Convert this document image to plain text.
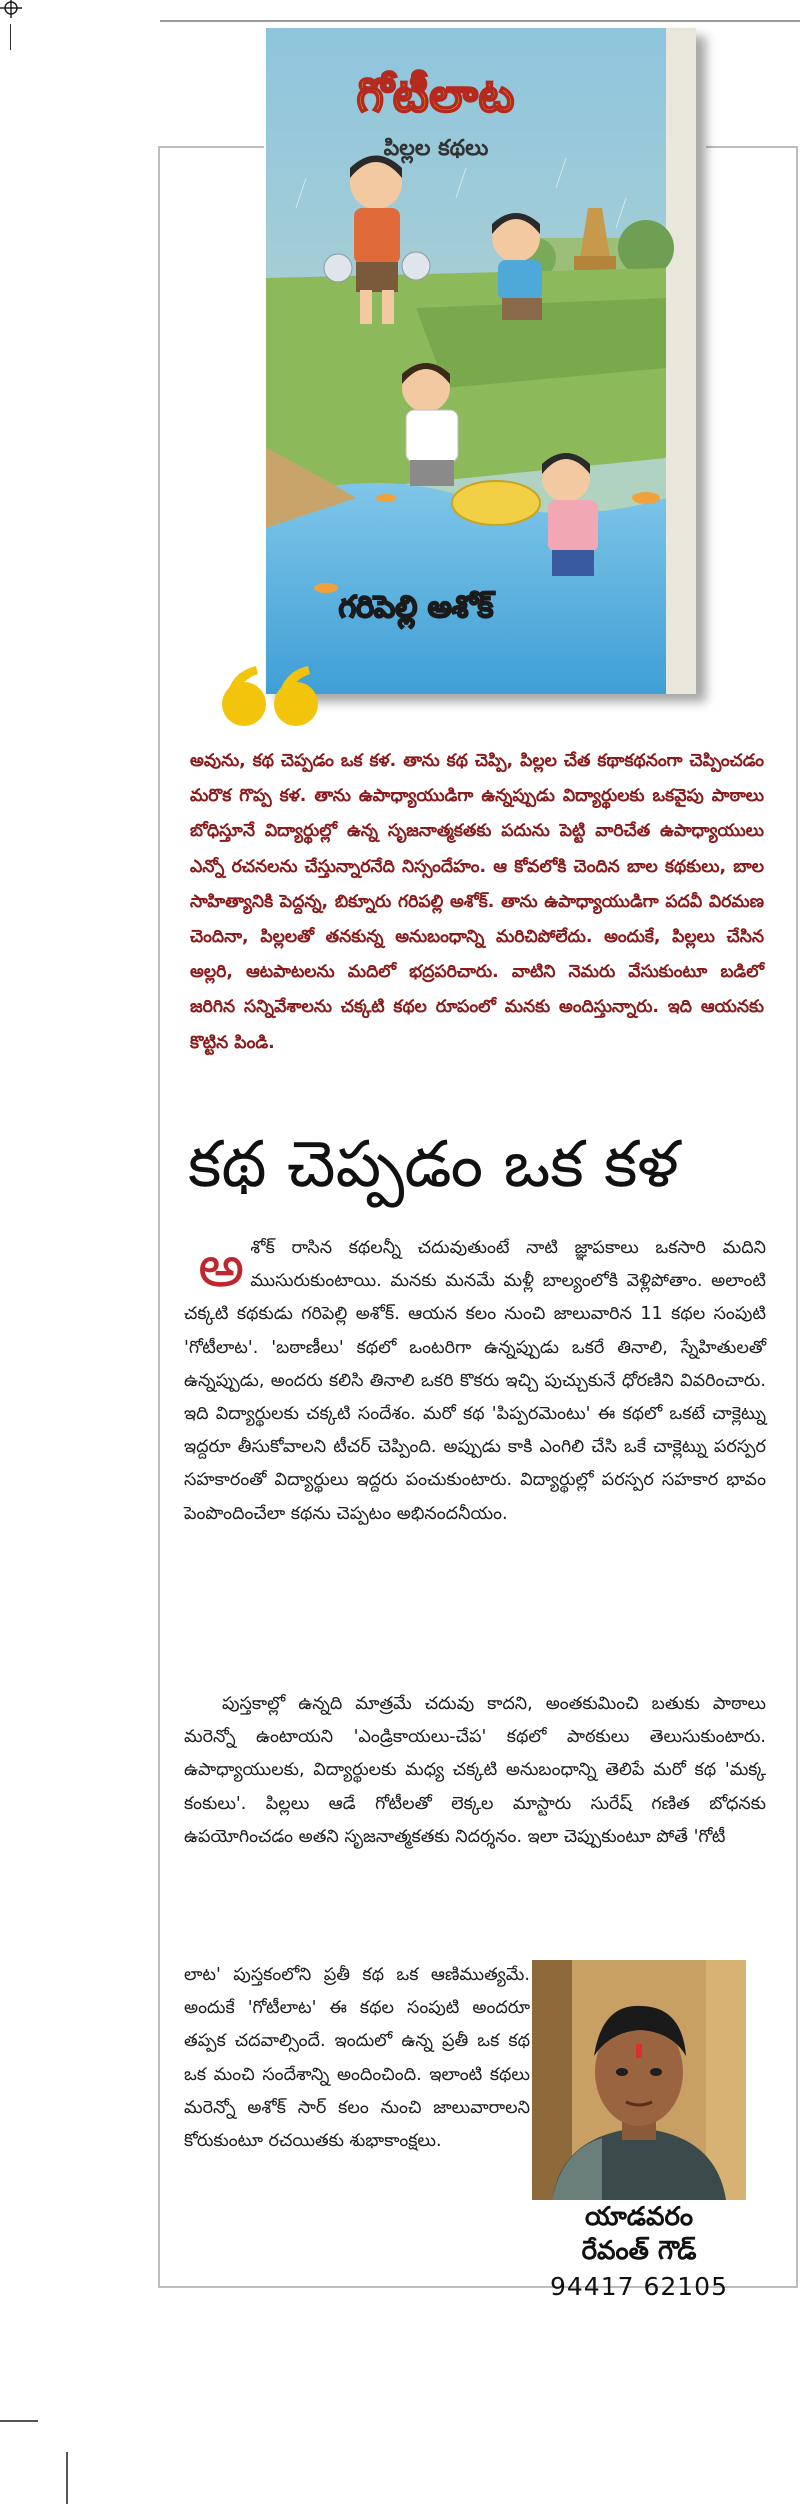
గోటీలాట
పిల్లల కథలు
గరిపెల్లి అశోక్
అవును, కథ చెప్పడం ఒక కళ. తాను కథ చెప్పి, పిల్లల చేత కథాకథనంగా చెప్పించడం మరొక గొప్ప కళ. తాను ఉపాధ్యాయుడిగా ఉన్నప్పుడు విద్యార్థులకు ఒకవైపు పాఠాలు బోధిస్తూనే విద్యార్థుల్లో ఉన్న సృజనాత్మకతకు పదును పెట్టి వారిచేత ఉపాధ్యాయులు ఎన్నో రచనలను చేస్తున్నారనేది నిస్సందేహం. ఆ కోవలోకి చెందిన బాల కథకులు, బాల సాహిత్యానికి పెద్దన్న, బిక్నూరు గరిపల్లి అశోక్. తాను ఉపాధ్యాయుడిగా పదవీ విరమణ చెందినా, పిల్లలతో తనకున్న అనుబంధాన్ని మరిచిపోలేదు. అందుకే, పిల్లలు చేసిన అల్లరి, ఆటపాటలను మదిలో భద్రపరిచారు. వాటిని నెమరు వేసుకుంటూ బడిలో జరిగిన సన్నివేశాలను చక్కటి కథల రూపంలో మనకు అందిస్తున్నారు. ఇది ఆయనకు కొట్టిన పిండి.
కథ చెప్పడం ఒక కళ
అ శోక్ రాసిన కథలన్నీ చదువుతుంటే నాటి జ్ఞాపకాలు ఒకసారి మదిని ముసురుకుంటాయి. మనకు మనమే మళ్లీ బాల్యంలోకి వెళ్లిపోతాం. అలాంటి చక్కటి కథకుడు గరిపెల్లి అశోక్. ఆయన కలం నుంచి జాలువారిన 11 కథల సంపుటి 'గోటీలాట'. 'బఠాణీలు' కథలో ఒంటరిగా ఉన్నప్పుడు ఒకరే తినాలి, స్నేహితులతో ఉన్నప్పుడు, అందరు కలిసి తినాలి ఒకరి కొకరు ఇచ్చి పుచ్చుకునే ధోరణిని వివరించారు. ఇది విద్యార్థులకు చక్కటి సందేశం. మరో కథ 'పిప్పరమెంటు' ఈ కథలో ఒకటే చాక్లెట్ను ఇద్దరూ తీసుకోవాలని టీచర్ చెప్పింది. అప్పుడు కాకి ఎంగిలి చేసి ఒకే చాక్లెట్ను పరస్పర సహకారంతో విద్యార్థులు ఇద్దరు పంచుకుంటారు. విద్యార్థుల్లో పరస్పర సహకార భావం పెంపొందించేలా కథను చెప్పటం అభినందనీయం.
పుస్తకాల్లో ఉన్నది మాత్రమే చదువు కాదని, అంతకుమించి బతుకు పాఠాలు మరెన్నో ఉంటాయని 'ఎండ్రికాయలు-చేప' కథలో పాఠకులు తెలుసుకుంటారు. ఉపాధ్యాయులకు, విద్యార్థులకు మధ్య చక్కటి అనుబంధాన్ని తెలిపే మరో కథ 'మక్క కంకులు'. పిల్లలు ఆడే గోటీలతో లెక్కల మాస్టారు సురేష్ గణిత బోధనకు ఉపయోగించడం అతని సృజనాత్మకతకు నిదర్శనం. ఇలా చెప్పుకుంటూ పోతే 'గోటీ
లాట' పుస్తకంలోని ప్రతీ కథ ఒక ఆణిముత్యమే. అందుకే 'గోటీలాట' ఈ కథల సంపుటి అందరూ తప్పక చదవాల్సిందే. ఇందులో ఉన్న ప్రతీ ఒక కథ ఒక మంచి సందేశాన్ని అందించింది. ఇలాంటి కథలు మరెన్నో అశోక్ సార్ కలం నుంచి జాలువారాలని కోరుకుంటూ రచయితకు శుభాకాంక్షలు.
యాడవరం
రేవంత్ గౌడ్
94417 62105
